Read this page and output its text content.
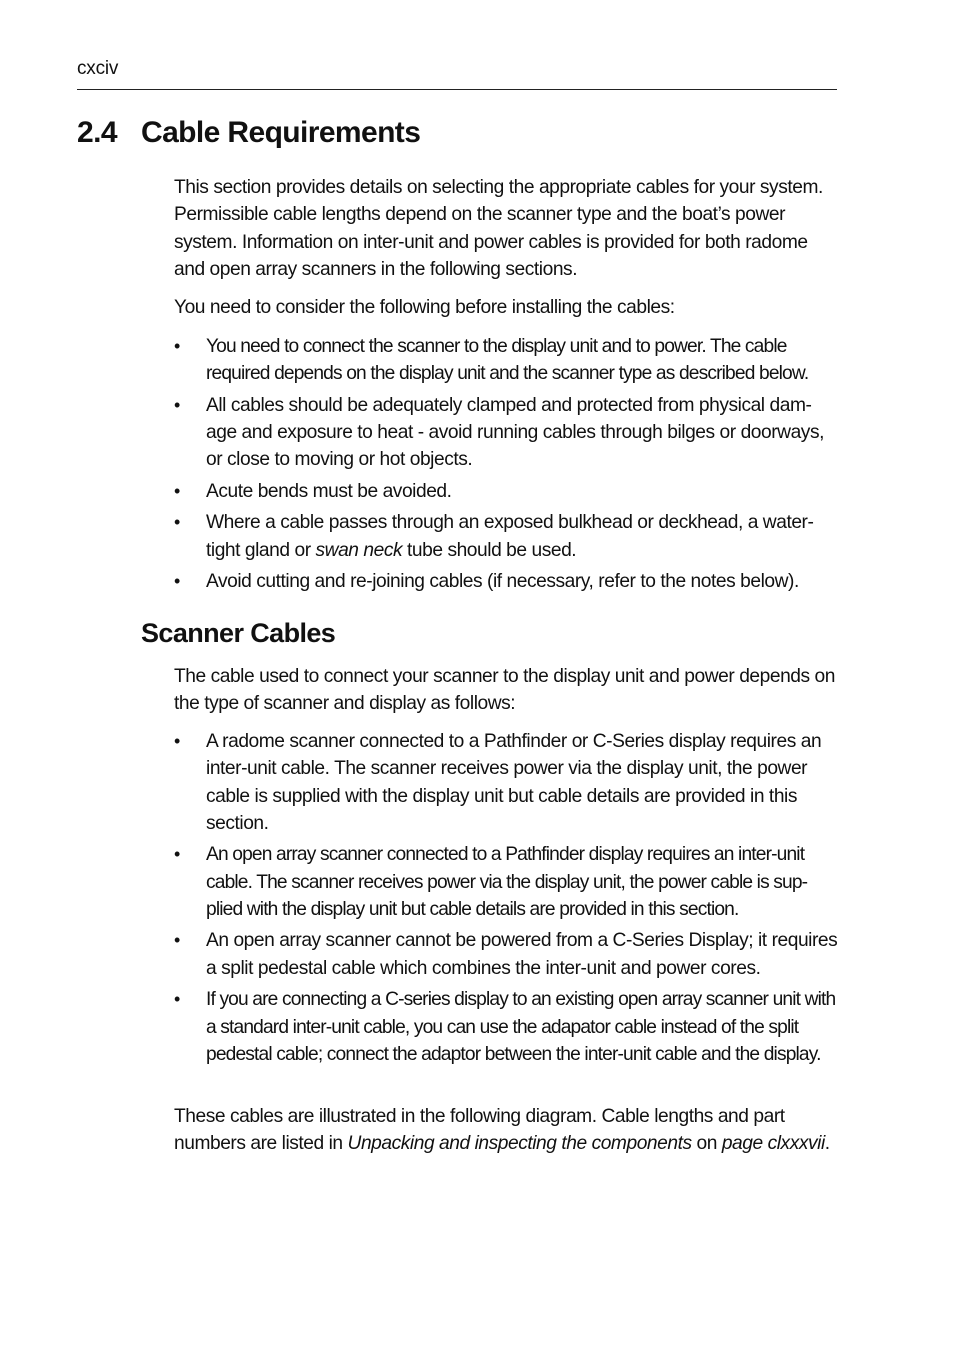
cxciv
2.4 Cable Requirements

This section provides details on selecting the appropriate cables for your system. Permissible cable lengths depend on the scanner type and the boat’s power system. Information on inter-unit and power cables is provided for both radome and open array scanners in the following sections.

You need to consider the following before installing the cables:

• You need to connect the scanner to the display unit and to power. The cable required depends on the display unit and the scanner type as described below.
• All cables should be adequately clamped and protected from physical dam-age and exposure to heat - avoid running cables through bilges or doorways, or close to moving or hot objects.
• Acute bends must be avoided.
• Where a cable passes through an exposed bulkhead or deckhead, a water-tight gland or swan neck tube should be used.
• Avoid cutting and re-joining cables (if necessary, refer to the notes below).
Scanner Cables

The cable used to connect your scanner to the display unit and power depends on the type of scanner and display as follows:

• A radome scanner connected to a Pathfinder or C-Series display requires an inter-unit cable. The scanner receives power via the display unit, the power cable is supplied with the display unit but cable details are provided in this section.
• An open array scanner connected to a Pathfinder display requires an inter-unit cable. The scanner receives power via the display unit, the power cable is sup-plied with the display unit but cable details are provided in this section.
• An open array scanner cannot be powered from a C-Series Display; it requires a split pedestal cable which combines the inter-unit and power cores.
• If you are connecting a C-series display to an existing open array scanner unit with a standard inter-unit cable, you can use the adapator cable instead of the split pedestal cable; connect the adaptor between the inter-unit cable and the display.

These cables are illustrated in the following diagram. Cable lengths and part numbers are listed in Unpacking and inspecting the components on page clxxxvii.
